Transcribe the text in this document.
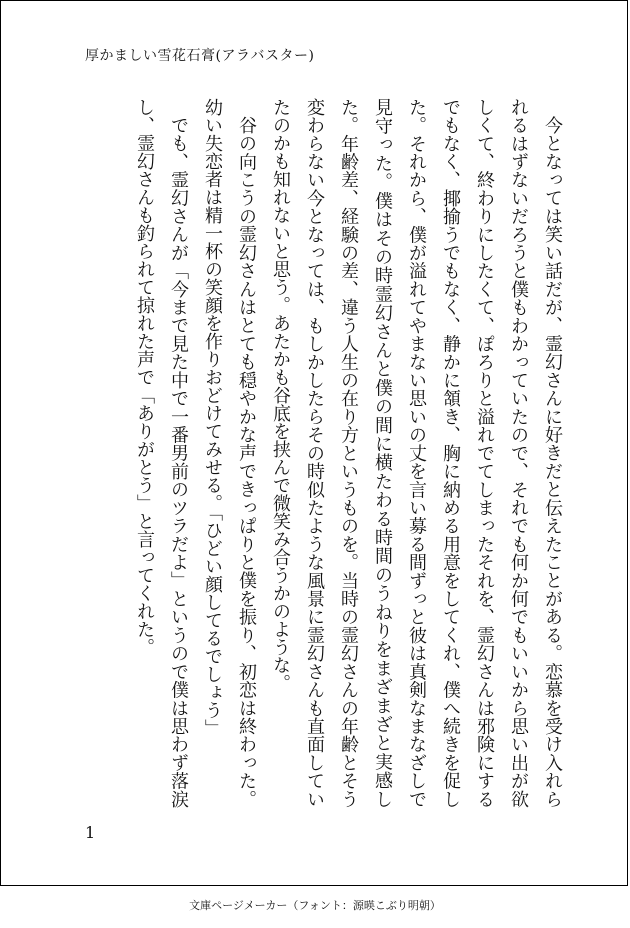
厚かましい雪花石膏(アラバスター)

今となっては笑い話だが、霊幻さんに好きだと伝えたことがある。恋慕を受け入れられるはずないだろうと僕もわかっていたので、それでも何か何でもいいから思い出が欲しくて、終わりにしたくて、ぽろりと溢れでてしまったそれを、霊幻さんは邪険にするでもなく、揶揄うでもなく、静かに頷き、胸に納める用意をしてくれ、僕へ続きを促した。それから、僕が溢れてやまない思いの丈を言い募る間ずっと彼は真剣なまなざしで見守った。僕はその時霊幻さんと僕の間に横たわる時間のうねりをまざまざと実感した。年齢差、経験の差、違う人生の在り方というものを。当時の霊幻さんの年齢とそう変わらない今となっては、もしかしたらその時似たような風景に霊幻さんも直面していたのかも知れないと思う。あたかも谷底を挟んで微笑み合うかのような。

谷の向こうの霊幻さんはとても穏やかな声できっぱりと僕を振り、初恋は終わった。幼い失恋者は精一杯の笑顔を作りおどけてみせる。「ひどい顔してるでしょう」

でも、霊幻さんが「今まで見た中で一番男前のツラだよ」というので僕は思わず落涙し、霊幻さんも釣られて掠れた声で「ありがとう」と言ってくれた。

1
文庫ページメーカー（フォント：源暎こぶり明朝）
